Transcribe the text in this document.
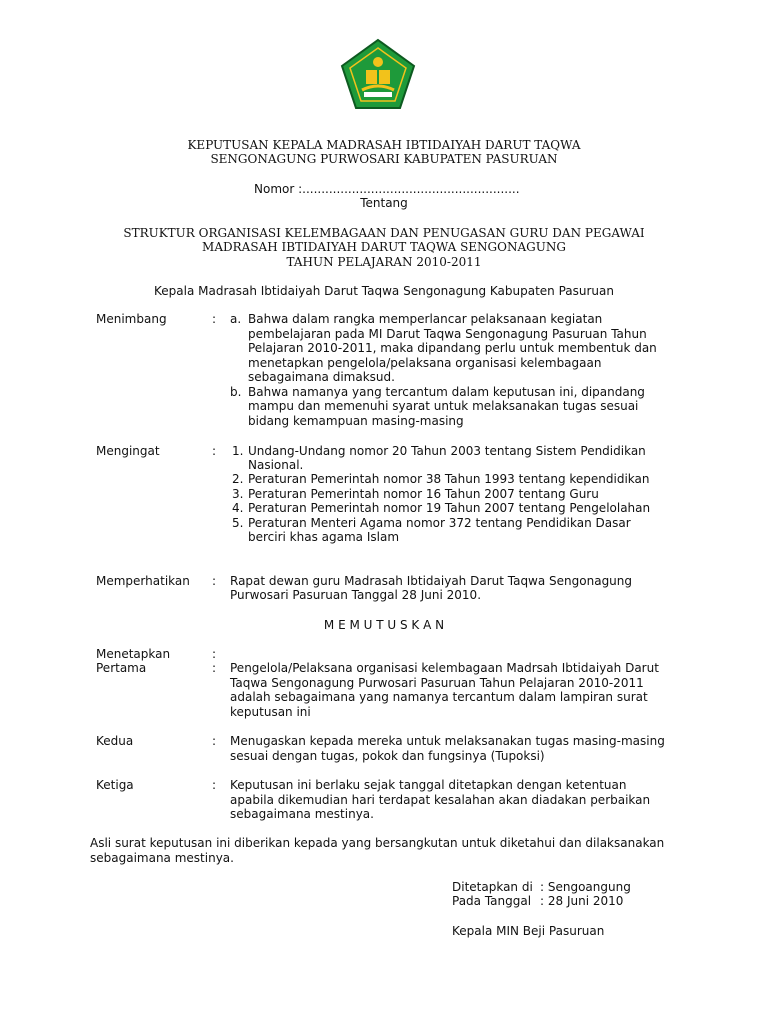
KEPUTUSAN KEPALA MADRASAH IBTIDAIYAH DARUT TAQWA
SENGONAGUNG PURWOSARI KABUPATEN PASURUAN
Nomor :.........................................................
Tentang
STRUKTUR ORGANISASI KELEMBAGAAN DAN PENUGASAN GURU DAN PEGAWAI
MADRASAH IBTIDAIYAH DARUT TAQWA SENGONAGUNG
TAHUN PELAJARAN 2010-2011
Kepala Madrasah Ibtidaiyah Darut Taqwa Sengonagung Kabupaten Pasuruan
Menimbang	: a. Bahwa dalam rangka memperlancar pelaksanaan kegiatan
pembelajaran pada MI Darut Taqwa Sengonagung Pasuruan Tahun
Pelajaran 2010-2011, maka dipandang perlu untuk membentuk dan
menetapkan pengelola/pelaksana organisasi kelembagaan
sebagaimana dimaksud.
b. Bahwa namanya yang tercantum dalam keputusan ini, dipandang
mampu dan memenuhi syarat untuk melaksanakan tugas sesuai
bidang kemampuan masing-masing
Mengingat	: 1. Undang-Undang nomor 20 Tahun 2003 tentang Sistem Pendidikan
Nasional.
2. Peraturan Pemerintah nomor 38 Tahun 1993 tentang kependidikan
3. Peraturan Pemerintah nomor 16 Tahun 2007 tentang Guru
4. Peraturan Pemerintah nomor 19 Tahun 2007 tentang Pengelolahan
5. Peraturan Menteri Agama nomor 372 tentang Pendidikan Dasar
berciri khas agama Islam
Memperhatikan : Rapat dewan guru Madrasah Ibtidaiyah Darut Taqwa Sengonagung
Purwosari Pasuruan Tanggal 28 Juni 2010.
M E M U T U S K A N
Menetapkan	:
Pertama	: Pengelola/Pelaksana organisasi kelembagaan Madrsah Ibtidaiyah Darut
Taqwa Sengonagung Purwosari Pasuruan Tahun Pelajaran 2010-2011
adalah sebagaimana yang namanya tercantum dalam lampiran surat
keputusan ini
Kedua	: Menugaskan kepada mereka untuk melaksanakan tugas masing-masing
sesuai dengan tugas, pokok dan fungsinya (Tupoksi)
Ketiga	: Keputusan ini berlaku sejak tanggal ditetapkan dengan ketentuan
apabila dikemudian hari terdapat kesalahan akan diadakan perbaikan
sebagaimana mestinya.
Asli surat keputusan ini diberikan kepada yang bersangkutan untuk diketahui dan dilaksanakan
sebagaimana mestinya.
Ditetapkan di : Sengoangung
Pada Tanggal : 28 Juni 2010
Kepala MIN Beji Pasuruan
